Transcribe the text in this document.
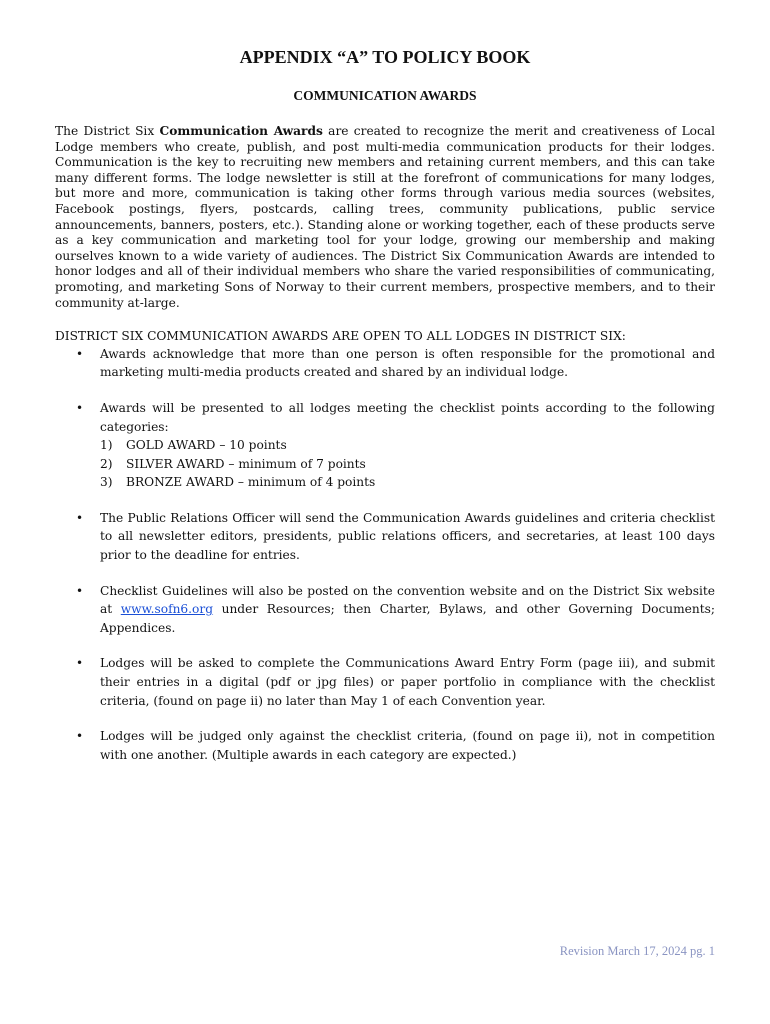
APPENDIX “A” TO POLICY BOOK
COMMUNICATION AWARDS

The District Six Communication Awards are created to recognize the merit and creativeness of Local Lodge members who create, publish, and post multi-media communication products for their lodges. Communication is the key to recruiting new members and retaining current members, and this can take many different forms. The lodge newsletter is still at the forefront of communications for many lodges, but more and more, communication is taking other forms through various media sources (websites, Facebook postings, flyers, postcards, calling trees, community publications, public service announcements, banners, posters, etc.). Standing alone or working together, each of these products serve as a key communication and marketing tool for your lodge, growing our membership and making ourselves known to a wide variety of audiences. The District Six Communication Awards are intended to honor lodges and all of their individual members who share the varied responsibilities of communicating, promoting, and marketing Sons of Norway to their current members, prospective members, and to their community at-large.

DISTRICT SIX COMMUNICATION AWARDS ARE OPEN TO ALL LODGES IN DISTRICT SIX:

• Awards acknowledge that more than one person is often responsible for the promotional and marketing multi-media products created and shared by an individual lodge.
• Awards will be presented to all lodges meeting the checklist points according to the following categories:
1) GOLD AWARD – 10 points
2) SILVER AWARD – minimum of 7 points
3) BRONZE AWARD – minimum of 4 points
• The Public Relations Officer will send the Communication Awards guidelines and criteria checklist to all newsletter editors, presidents, public relations officers, and secretaries, at least 100 days prior to the deadline for entries.
• Checklist Guidelines will also be posted on the convention website and on the District Six website at www.sofn6.org under Resources; then Charter, Bylaws, and other Governing Documents; Appendices.
• Lodges will be asked to complete the Communications Award Entry Form (page iii), and submit their entries in a digital (pdf or jpg files) or paper portfolio in compliance with the checklist criteria, (found on page ii) no later than May 1 of each Convention year.
• Lodges will be judged only against the checklist criteria, (found on page ii), not in competition with one another. (Multiple awards in each category are expected.)
Revision March 17, 2024 pg. 1
